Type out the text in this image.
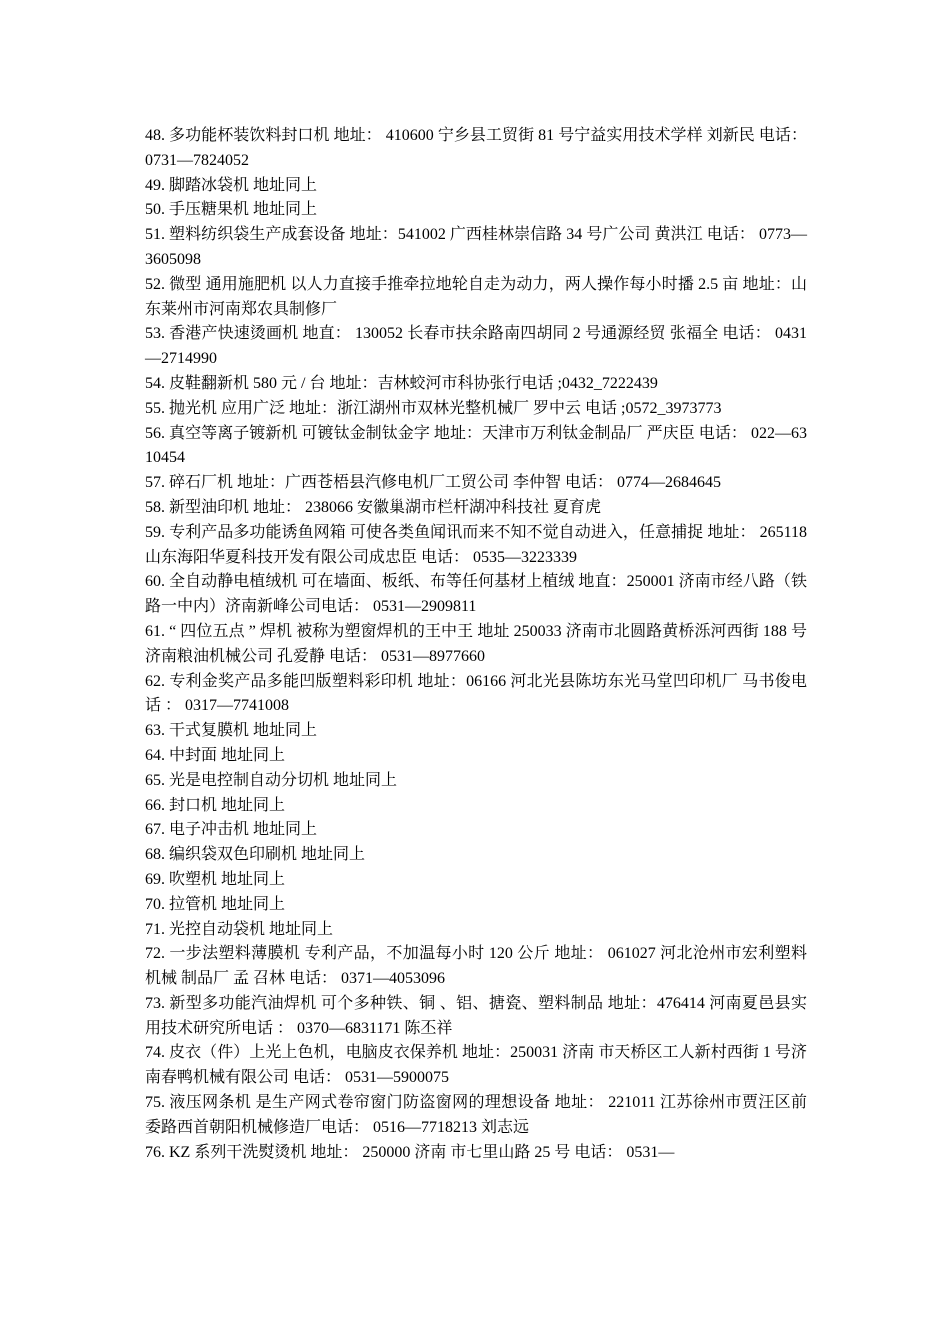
48. 多功能杯装饮料封口机 地址： 410600 宁乡县工贸街 81 号宁益实用技术学样 刘新民 电话： 0731—7824052

49. 脚踏冰袋机 地址同上

50. 手压糖果机 地址同上

51. 塑料纺织袋生产成套设备 地址：541002 广西桂林崇信路 34 号广公司 黄洪江 电话： 0773—3605098

52. 微型 通用施肥机 以人力直接手推牵拉地轮自走为动力，两人操作每小时播 2.5 亩 地址：山东莱州市河南郑农具制修厂

53. 香港产快速烫画机 地直： 130052 长春市扶余路南四胡同 2 号通源经贸 张福全 电话： 0431—2714990

54. 皮鞋翻新机 580 元 / 台 地址：吉林蛟河市科协张行电话 ;0432_7222439

55. 抛光机 应用广泛 地址：浙江湖州市双林光整机械厂 罗中云 电话 ;0572_3973773

56. 真空等离子镀新机 可镀钛金制钛金字 地址：天津市万利钛金制品厂 严庆臣 电话： 022—6310454

57. 碎石厂机 地址：广西苍梧县汽修电机厂工贸公司 李仲智 电话： 0774—2684645

58. 新型油印机 地址： 238066 安徽巢湖市栏杆湖冲科技社 夏育虎

59. 专利产品多功能诱鱼网箱 可使各类鱼闻讯而来不知不觉自动进入，任意捕捉 地址： 265118 山东海阳华夏科技开发有限公司成忠臣 电话： 0535—3223339

60. 全自动静电植绒机 可在墙面、板纸、布等任何基材上植绒 地直：250001 济南市经八路（铁路一中内）济南新峰公司电话： 0531—2909811

61. “ 四位五点 ” 焊机 被称为塑窗焊机的王中王 地址 250033 济南市北圆路黄桥泺河西街 188 号济南粮油机械公司 孔爱静 电话： 0531—8977660

62. 专利金奖产品多能凹版塑料彩印机 地址：06166 河北光县陈坊东光马堂凹印机厂 马书俊电话 ： 0317—7741008

63. 干式复膜机 地址同上

64. 中封面 地址同上

65. 光是电控制自动分切机 地址同上

66. 封口机 地址同上

67. 电子冲击机 地址同上

68. 编织袋双色印刷机 地址同上

69. 吹塑机 地址同上

70. 拉管机 地址同上

71. 光控自动袋机 地址同上

72. 一步法塑料薄膜机 专利产品，不加温每小时 120 公斤 地址： 061027 河北沧州市宏利塑料机械 制品厂 孟 召林 电话： 0371—4053096

73. 新型多功能汽油焊机 可个多种铁、铜 、铝、搪瓷、塑料制品 地址：476414 河南夏邑县实用技术研究所电话 ： 0370—6831171 陈丕祥

74. 皮衣（件）上光上色机，电脑皮衣保养机 地址：250031 济南 市天桥区工人新村西街 1 号济南春鸭机械有限公司 电话： 0531—5900075

75. 液压网条机 是生产网式卷帘窗门防盗窗网的理想设备 地址： 221011 江苏徐州市贾汪区前委路西首朝阳机械修造厂电话： 0516—7718213 刘志远

76. KZ 系列干洗熨烫机 地址： 250000 济南 市七里山路 25 号 电话： 0531—
